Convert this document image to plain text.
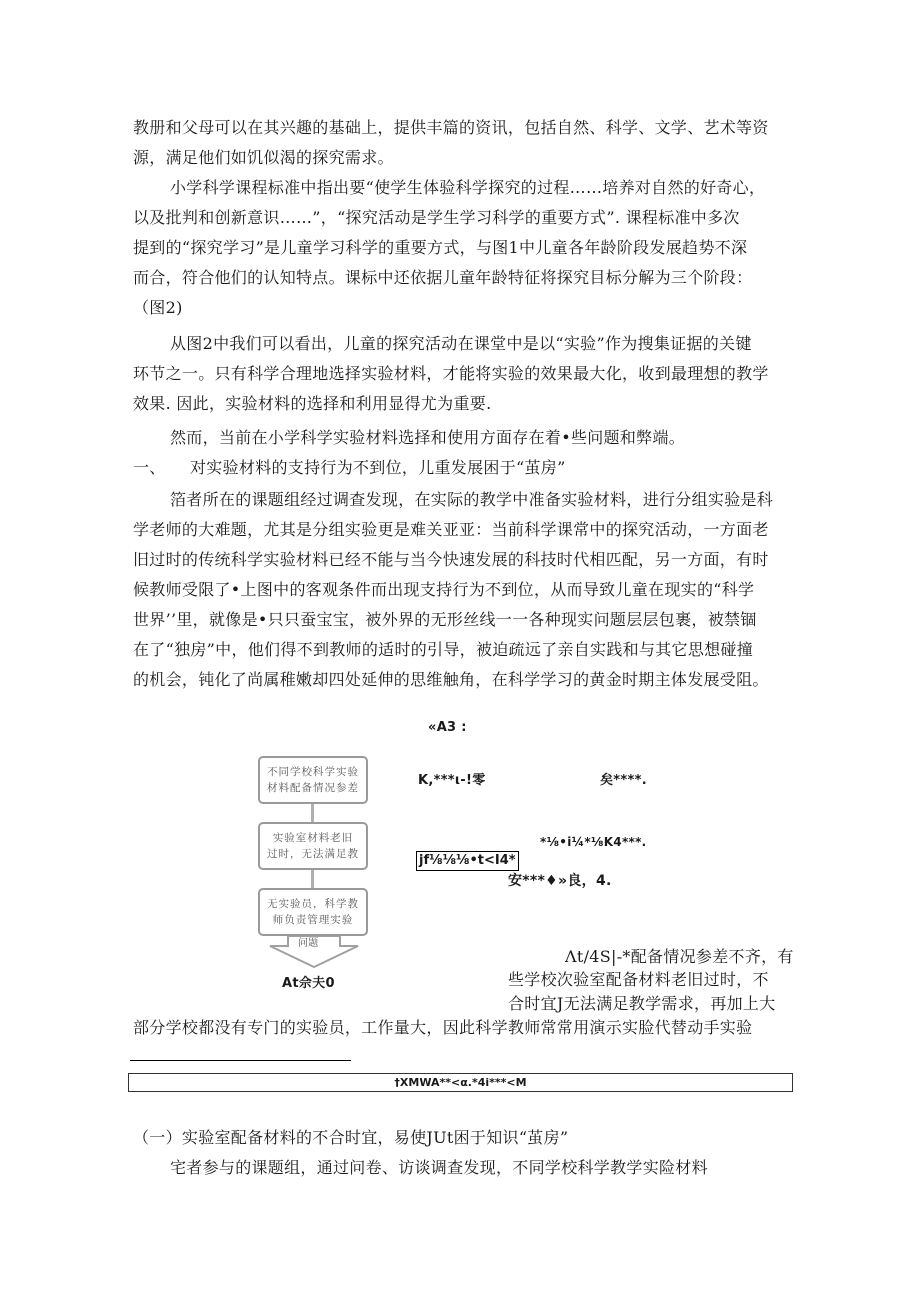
教册和父母可以在其兴趣的基础上，提供丰篇的资讯，包括自然、科学、文学、艺术等资
源，满足他们如饥似渴的探究需求。
小学科学课程标准中指出要“使学生体验科学探究的过程……培养对自然的好奇心，
以及批判和创新意识……”，“探究活动是学生学习科学的重要方式”. 课程标准中多次
提到的“探究学习”是儿童学习科学的重要方式，与图1中儿童各年龄阶段发展趋势不深
而合，符合他们的认知特点。课标中还依据儿童年龄特征将探究目标分解为三个阶段：
（图2)
从图2中我们可以看出，儿童的探究活动在课堂中是以“实验”作为搜集证据的关键
环节之一。只有科学合理地选择实验材料，才能将实验的效果最大化，收到最理想的教学
效果. 因此，实验材料的选择和利用显得尤为重要.
然而，当前在小学科学实验材料选择和使用方面存在着•些问题和弊端。
一、 对实验材料的支持行为不到位，儿重发展困于“茧房”
箔者所在的课题组经过调查发现，在实际的教学中准备实验材料，进行分组实验是科
学老师的大难题，尤其是分组实验更是难关亚亚：当前科学课常中的探究活动，一方面老
旧过时的传统科学实验材料已经不能与当今快速发展的科技时代相匹配，另一方面，有时
候教师受限了•上图中的客观条件而出现支持行为不到位，从而导致儿童在现实的“科学
世界’’里，就像是•只只蚕宝宝，被外界的无形丝线一一各种现实问题层层包裹，被禁锢
在了“独房”中，他们得不到教师的适时的引导，被迫疏远了亲自实践和与其它思想碰撞
的机会，钝化了尚属稚嫩却四处延伸的思维触角，在科学学习的黄金时期主体发展受阻。
«A3 :
不同学校科学实验
材料配备情况参差
实验室材料老旧
过时，无法满足教
无实验员，科学教
师负责管理实验
问题
At佘夫0
K,***ι-!零	矣****.
*⅛•i¼*⅛K4***.
jf⅛⅛⅛•t<I4*
安***♦»良，4.
Λt/4S|-*配备情况参差不齐，有
些学校次验室配备材料老旧过时，不
合时宜J无法满足教学需求，再加上大
部分学校都没有专门的实验员，工作量大，因此科学教师常常用演示实脸代替动手实验
†XMWA**<α.*4i***<M
（一）实验室配备材料的不合时宜，易使JUt困于知识“茧房”
宅者参与的课题组，通过问卷、访谈调查发现，不同学校科学教学实险材料
